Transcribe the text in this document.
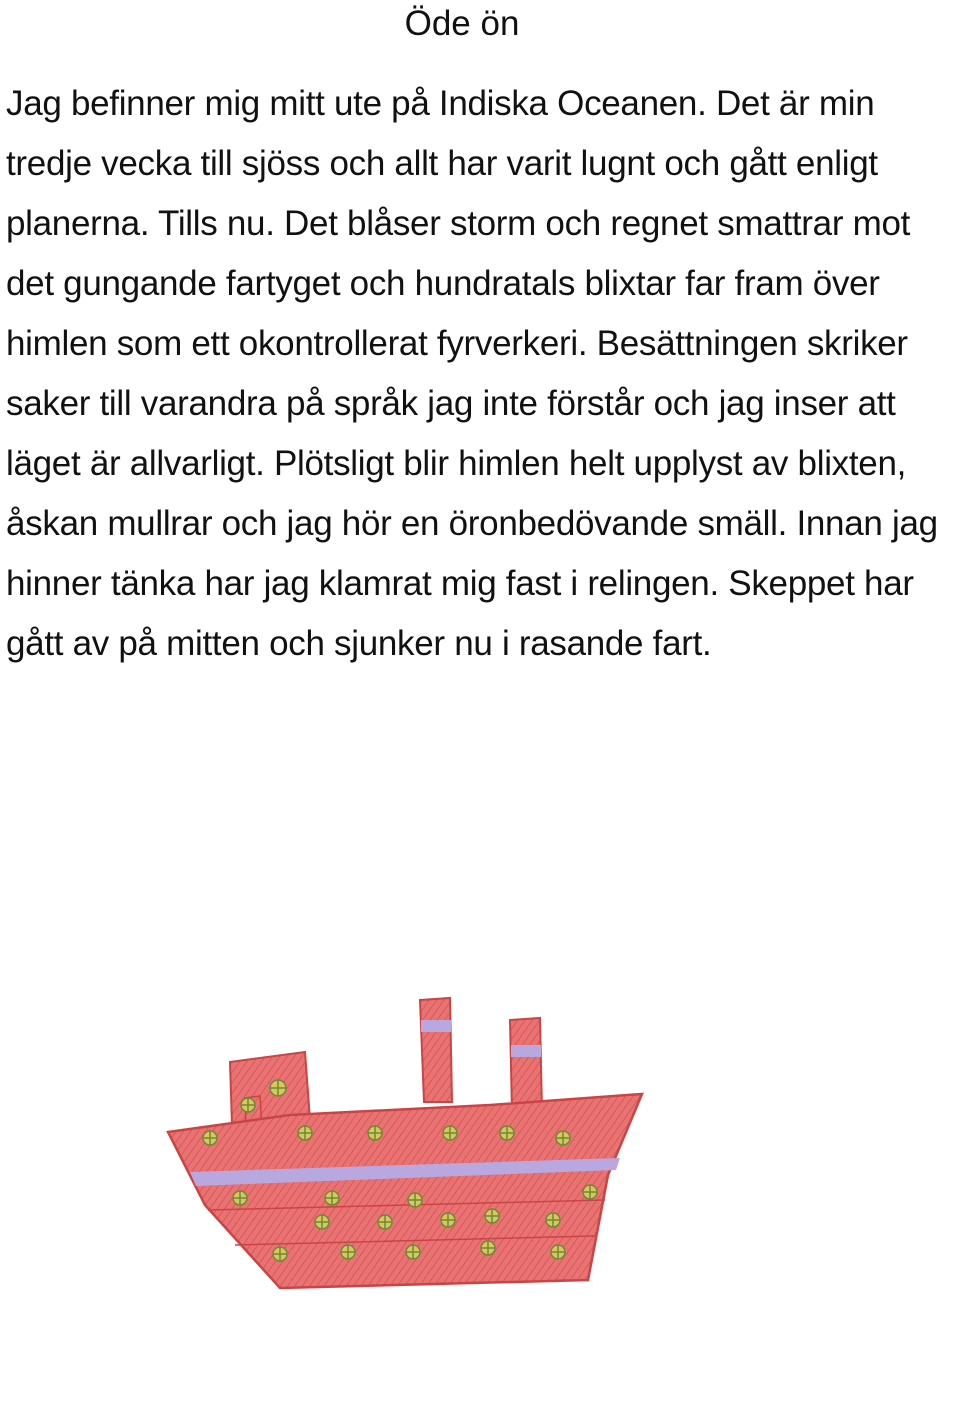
Öde ön

Jag befinner mig mitt ute på Indiska Oceanen. Det är min tredje vecka till sjöss och allt har varit lugnt och gått enligt planerna. Tills nu. Det blåser storm och regnet smattrar mot det gungande fartyget och hundratals blixtar far fram över himlen som ett okontrollerat fyrverkeri. Besättningen skriker saker till varandra på språk jag inte förstår och jag inser att läget är allvarligt. Plötsligt blir himlen helt upplyst av blixten, åskan mullrar och jag hör en öronbedövande smäll. Innan jag hinner tänka har jag klamrat mig fast i relingen. Skeppet har gått av på mitten och sjunker nu i rasande fart.
